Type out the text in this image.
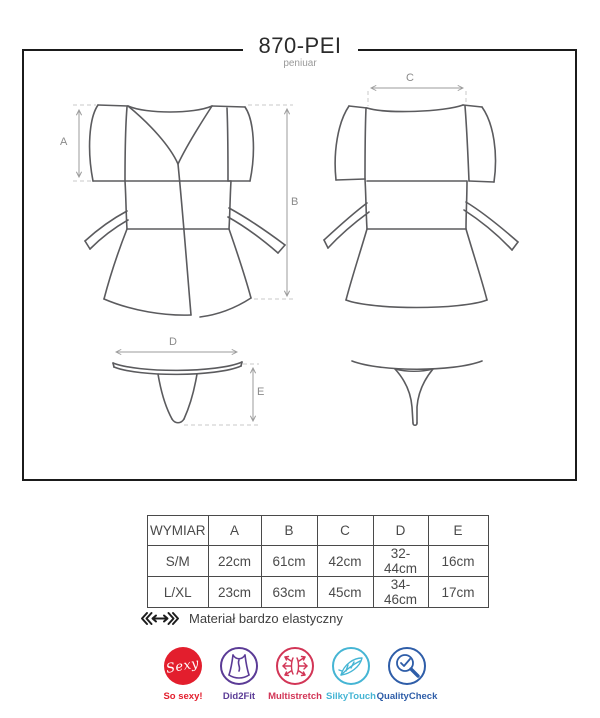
870-PEI
peniuar
A
B
C
D
E
WYMIAR	A	B	C	D	E
S/M	22cm	61cm	42cm	32-44cm	16cm
L/XL	23cm	63cm	45cm	34-46cm	17cm
Materiał bardzo elastyczny
Sexy
So sexy! Did2Fit Multistretch SilkyTouch QualityCheck
